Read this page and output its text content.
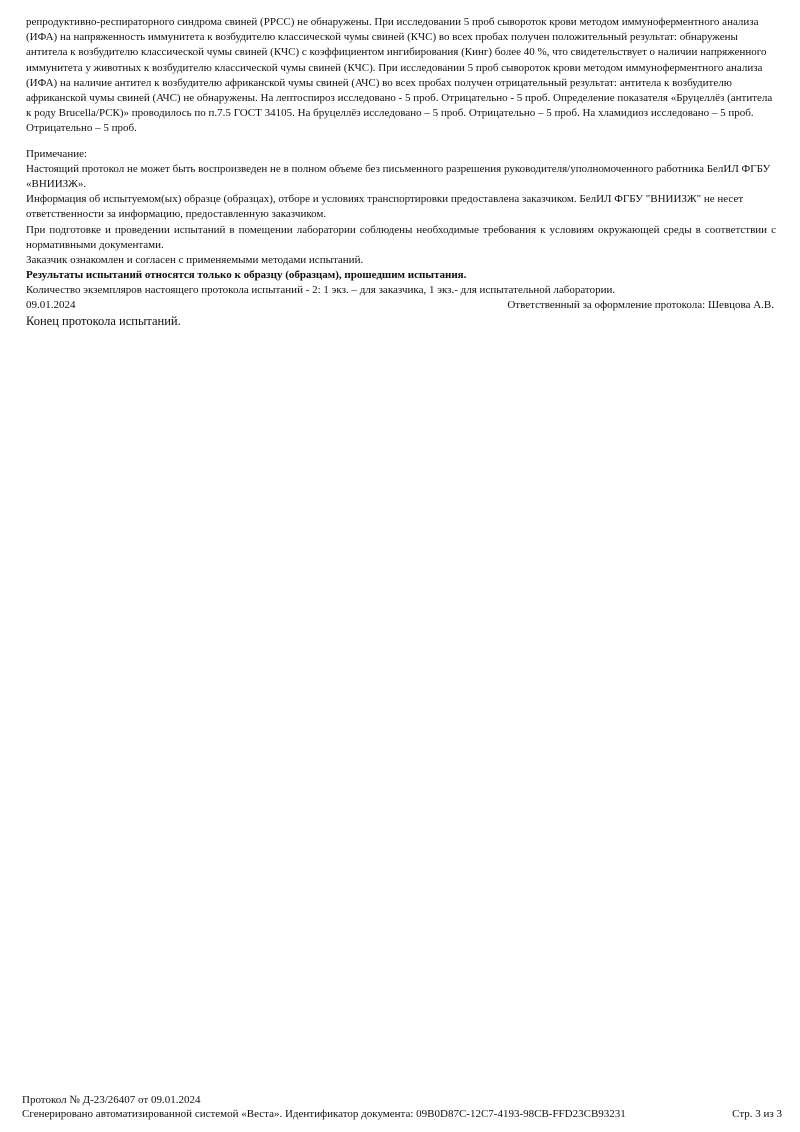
репродуктивно-респираторного синдрома свиней (РРСС) не обнаружены. При исследовании 5 проб сывороток крови методом иммуноферментного анализа (ИФА) на напряженность иммунитета к возбудителю классической чумы свиней (КЧС) во всех пробах получен положительный результат: обнаружены антитела к возбудителю классической чумы свиней (КЧС) с коэффициентом ингибирования (Кинг) более 40 %, что свидетельствует о наличии напряженного иммунитета у животных к возбудителю классической чумы свиней (КЧС). При исследовании 5 проб сывороток крови методом иммуноферментного анализа (ИФА) на наличие антител к возбудителю африканской чумы свиней (АЧС) во всех пробах получен отрицательный результат: антитела к возбудителю африканской чумы свиней (АЧС) не обнаружены. На лептоспироз исследовано - 5 проб. Отрицательно - 5 проб. Определение показателя «Бруцеллёз (антитела к роду Brucella/РСК)» проводилось по п.7.5 ГОСТ 34105. На бруцеллёз исследовано – 5 проб. Отрицательно – 5 проб. На хламидиоз исследовано – 5 проб. Отрицательно – 5 проб.

Примечание:

Настоящий протокол не может быть воспроизведен не в полном объеме без письменного разрешения руководителя/уполномоченного работника БелИЛ ФГБУ «ВНИИЗЖ».

Информация об испытуемом(ых) образце (образцах), отборе и условиях транспортировки предоставлена заказчиком. БелИЛ ФГБУ "ВНИИЗЖ" не несет ответственности за информацию, предоставленную заказчиком.

При подготовке и проведении испытаний в помещении лаборатории соблюдены необходимые требования к условиям окружающей среды в соответствии с нормативными документами.

Заказчик ознакомлен и согласен с применяемыми методами испытаний.

Результаты испытаний относятся только к образцу (образцам), прошедшим испытания.

Количество экземпляров настоящего протокола испытаний - 2: 1 экз. – для заказчика, 1 экз.- для испытательной лаборатории.

09.01.2024	Ответственный за оформление протокола: Шевцова А.В.
Конец протокола испытаний.
Протокол № Д-23/26407 от 09.01.2024
Сгенерировано автоматизированной системой «Веста». Идентификатор документа: 09B0D87C-12C7-4193-98CB-FFD23CB93231	Стр. 3 из 3
